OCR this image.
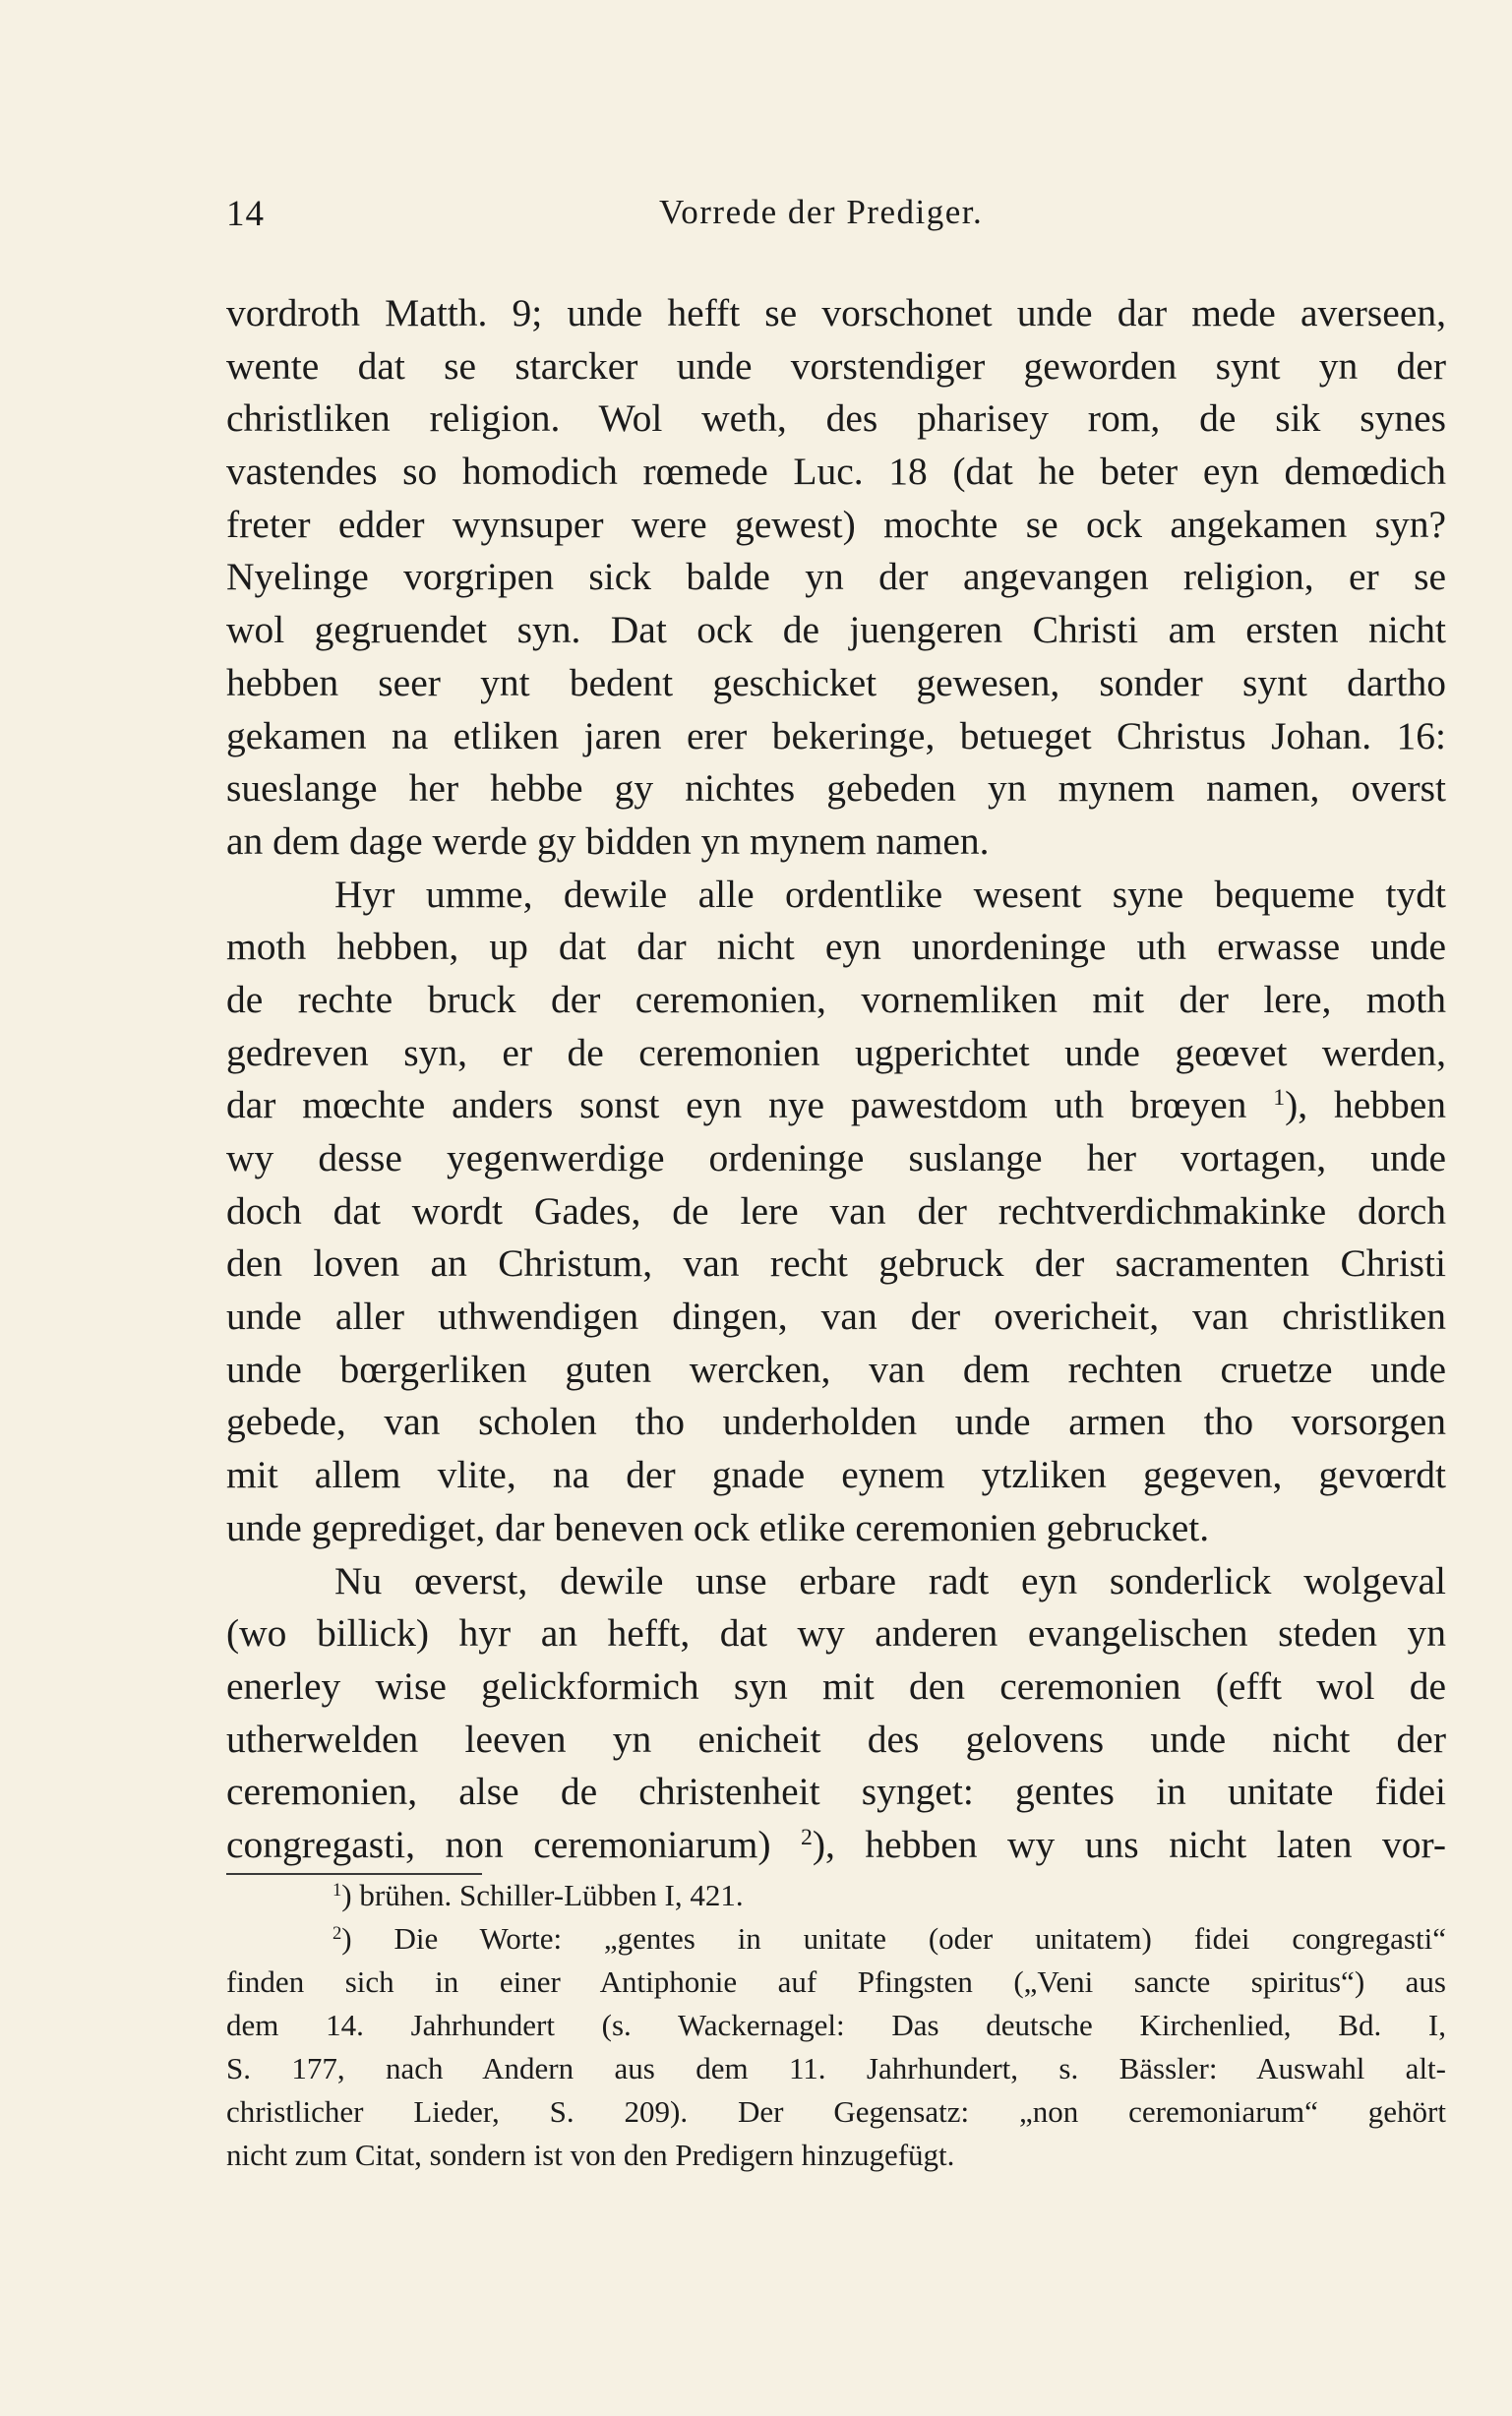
14	Vorrede der Prediger.
vordroth Matth. 9; unde hefft se vorschonet unde dar mede averseen,
wente dat se starcker unde vorstendiger geworden synt yn der
christliken religion. Wol weth, des pharisey rom, de sik synes
vastendes so homodich rœmede Luc. 18 (dat he beter eyn demœdich
freter edder wynsuper were gewest) mochte se ock angekamen syn?
Nyelinge vorgripen sick balde yn der angevangen religion, er se
wol gegruendet syn. Dat ock de juengeren Christi am ersten nicht
hebben seer ynt bedent geschicket gewesen, sonder synt dartho
gekamen na etliken jaren erer bekeringe, betueget Christus Johan. 16:
sueslange her hebbe gy nichtes gebeden yn mynem namen, overst
an dem dage werde gy bidden yn mynem namen.
Hyr umme, dewile alle ordentlike wesent syne bequeme tydt
moth hebben, up dat dar nicht eyn unordeninge uth erwasse unde
de rechte bruck der ceremonien, vornemliken mit der lere, moth
gedreven syn, er de ceremonien ugperichtet unde geœvet werden,
dar mœchte anders sonst eyn nye pawestdom uth brœyen $^1$), hebben
wy desse yegenwerdige ordeninge suslange her vortagen, unde
doch dat wordt Gades, de lere van der rechtverdichmakinke dorch
den loven an Christum, van recht gebruck der sacramenten Christi
unde aller uthwendigen dingen, van der overicheit, van christliken
unde bœrgerliken guten wercken, van dem rechten cruetze unde
gebede, van scholen tho underholden unde armen tho vorsorgen
mit allem vlite, na der gnade eynem ytzliken gegeven, gevœrdt
unde geprediget, dar beneven ock etlike ceremonien gebrucket.
Nu œverst, dewile unse erbare radt eyn sonderlick wolgeval
(wo billick) hyr an hefft, dat wy anderen evangelischen steden yn
enerley wise gelickformich syn mit den ceremonien (efft wol de
utherwelden leeven yn enicheit des gelovens unde nicht der
ceremonien, alse de christenheit synget: gentes in unitate fidei
congregasti, non ceremoniarum) $^2$), hebben wy uns nicht laten vor-
$^1$) brühen. Schiller-Lübben I, 421.
$^2$) Die Worte: „gentes in unitate (oder unitatem) fidei congregasti“
finden sich in einer Antiphonie auf Pfingsten („Veni sancte spiritus“) aus
dem 14. Jahrhundert (s. Wackernagel: Das deutsche Kirchenlied, Bd. I,
S. 177, nach Andern aus dem 11. Jahrhundert, s. Bässler: Auswahl alt-
christlicher Lieder, S. 209). Der Gegensatz: „non ceremoniarum“ gehört
nicht zum Citat, sondern ist von den Predigern hinzugefügt.
